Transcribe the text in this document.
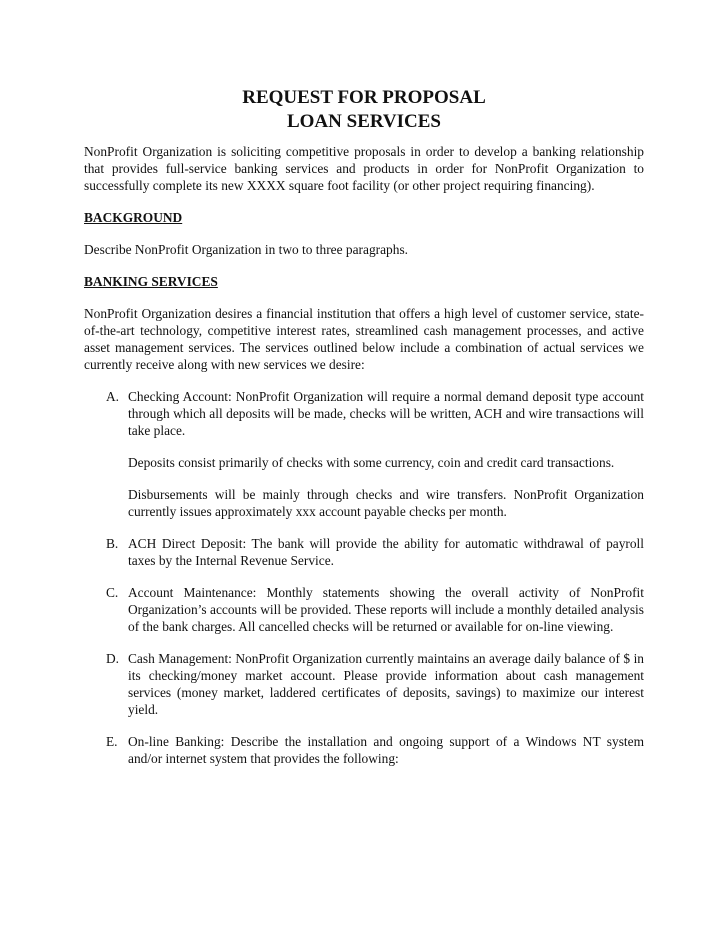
REQUEST FOR PROPOSAL
LOAN SERVICES

NonProfit Organization is soliciting competitive proposals in order to develop a banking relationship that provides full-service banking services and products in order for NonProfit Organization to successfully complete its new XXXX square foot facility (or other project requiring financing).

BACKGROUND

Describe NonProfit Organization in two to three paragraphs.

BANKING SERVICES

NonProfit Organization desires a financial institution that offers a high level of customer service, state-of-the-art technology, competitive interest rates, streamlined cash management processes, and active asset management services. The services outlined below include a combination of actual services we currently receive along with new services we desire:

A. Checking Account: NonProfit Organization will require a normal demand deposit type account through which all deposits will be made, checks will be written, ACH and wire transactions will take place.

Deposits consist primarily of checks with some currency, coin and credit card transactions.

Disbursements will be mainly through checks and wire transfers. NonProfit Organization currently issues approximately xxx account payable checks per month.

B. ACH Direct Deposit: The bank will provide the ability for automatic withdrawal of payroll taxes by the Internal Revenue Service.

C. Account Maintenance: Monthly statements showing the overall activity of NonProfit Organization’s accounts will be provided. These reports will include a monthly detailed analysis of the bank charges. All cancelled checks will be returned or available for on-line viewing.

D. Cash Management: NonProfit Organization currently maintains an average daily balance of $ in its checking/money market account. Please provide information about cash management services (money market, laddered certificates of deposits, savings) to maximize our interest yield.

E. On-line Banking: Describe the installation and ongoing support of a Windows NT system and/or internet system that provides the following:
